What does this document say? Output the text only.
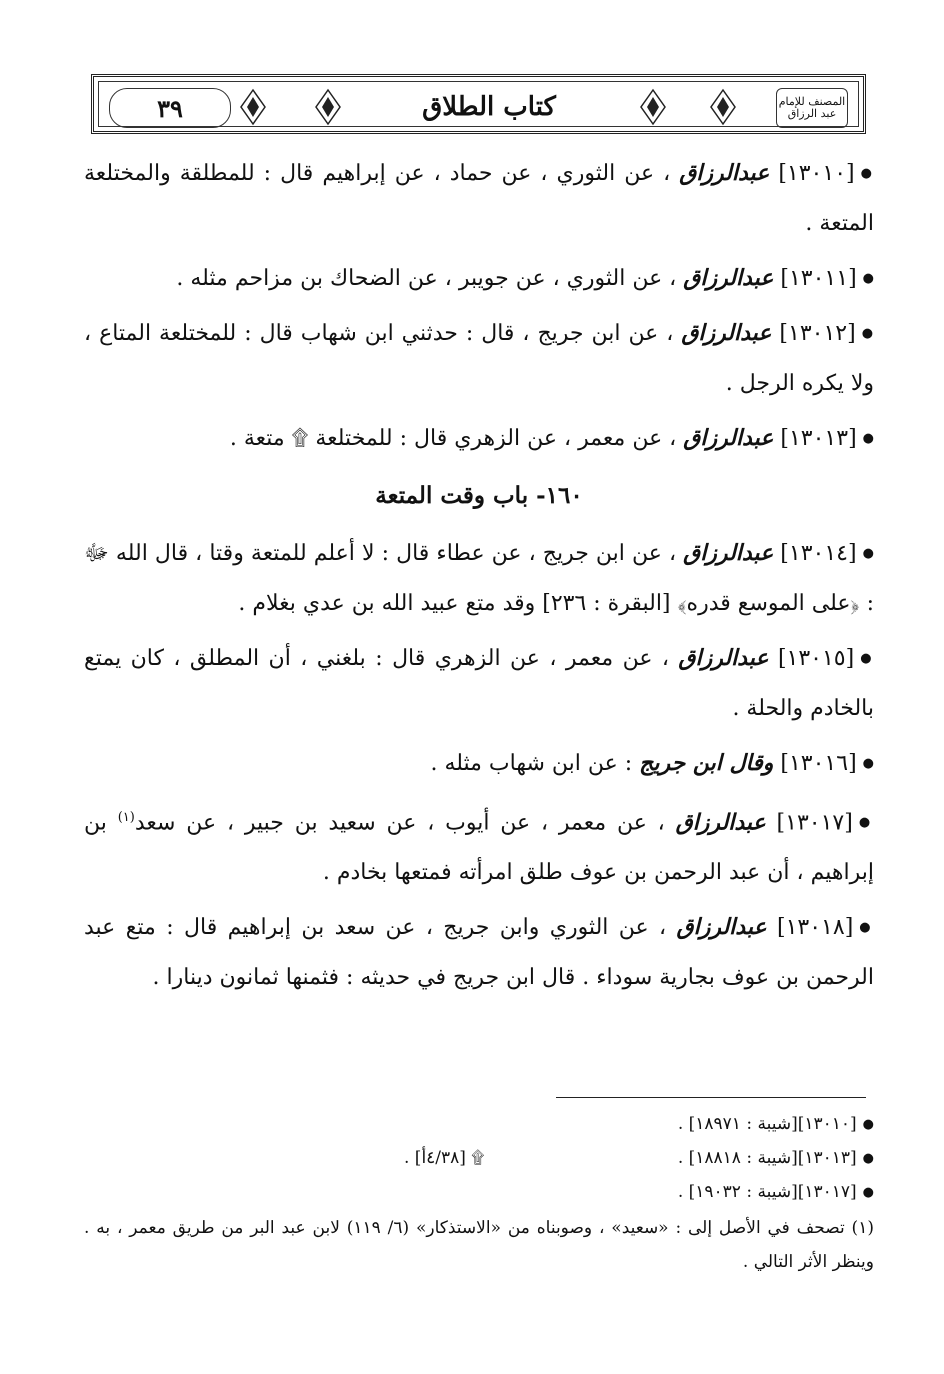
٣٩	كتاب الطلاق	المصنف للإمام عبد الرزاق

●[١٣٠١٠] عبدالرزاق ، عن الثوري ، عن حماد ، عن إبراهيم قال : للمطلقة والمختلعة المتعة .

●[١٣٠١١] عبدالرزاق ، عن الثوري ، عن جويبر ، عن الضحاك بن مزاحم مثله .

●[١٣٠١٢] عبدالرزاق ، عن ابن جريج ، قال : حدثني ابن شهاب قال : للمختلعة المتاع ، ولا يكره الرجل .

●[١٣٠١٣] عبدالرزاق ، عن معمر ، عن الزهري قال : للمختلعة ۩ متعة .

١٦٠- باب وقت المتعة

●[١٣٠١٤] عبدالرزاق ، عن ابن جريج ، عن عطاء قال : لا أعلم للمتعة وقتا ، قال الله ﷻ : ﴿على الموسع قدره﴾ [البقرة : ٢٣٦] وقد متع عبيد الله بن عدي بغلام .

●[١٣٠١٥] عبدالرزاق ، عن معمر ، عن الزهري قال : بلغني ، أن المطلق ، كان يمتع بالخادم والحلة .

●[١٣٠١٦] وقال ابن جريج : عن ابن شهاب مثله .

●[١٣٠١٧] عبدالرزاق ، عن معمر ، عن أيوب ، عن سعيد بن جبير ، عن سعد$^{(١)}$ بن إبراهيم ، أن عبد الرحمن بن عوف طلق امرأته فمتعها بخادم .

●[١٣٠١٨] عبدالرزاق ، عن الثوري وابن جريج ، عن سعد بن إبراهيم قال : متع عبد الرحمن بن عوف بجارية سوداء . قال ابن جريج في حديثه : فثمنها ثمانون دينارا .

●[١٣٠١٠][شيبة : ١٨٩٧١] .
●[١٣٠١٣][شيبة : ١٨٨١٨] .
۩ [٤/٣٨أ] .
●[١٣٠١٧][شيبة : ١٩٠٣٢] .
(١) تصحف في الأصل إلى : «سعيد» ، وصوبناه من «الاستذكار» (٦/ ١١٩) لابن عبد البر من طريق معمر ، به . وينظر الأثر التالي .
